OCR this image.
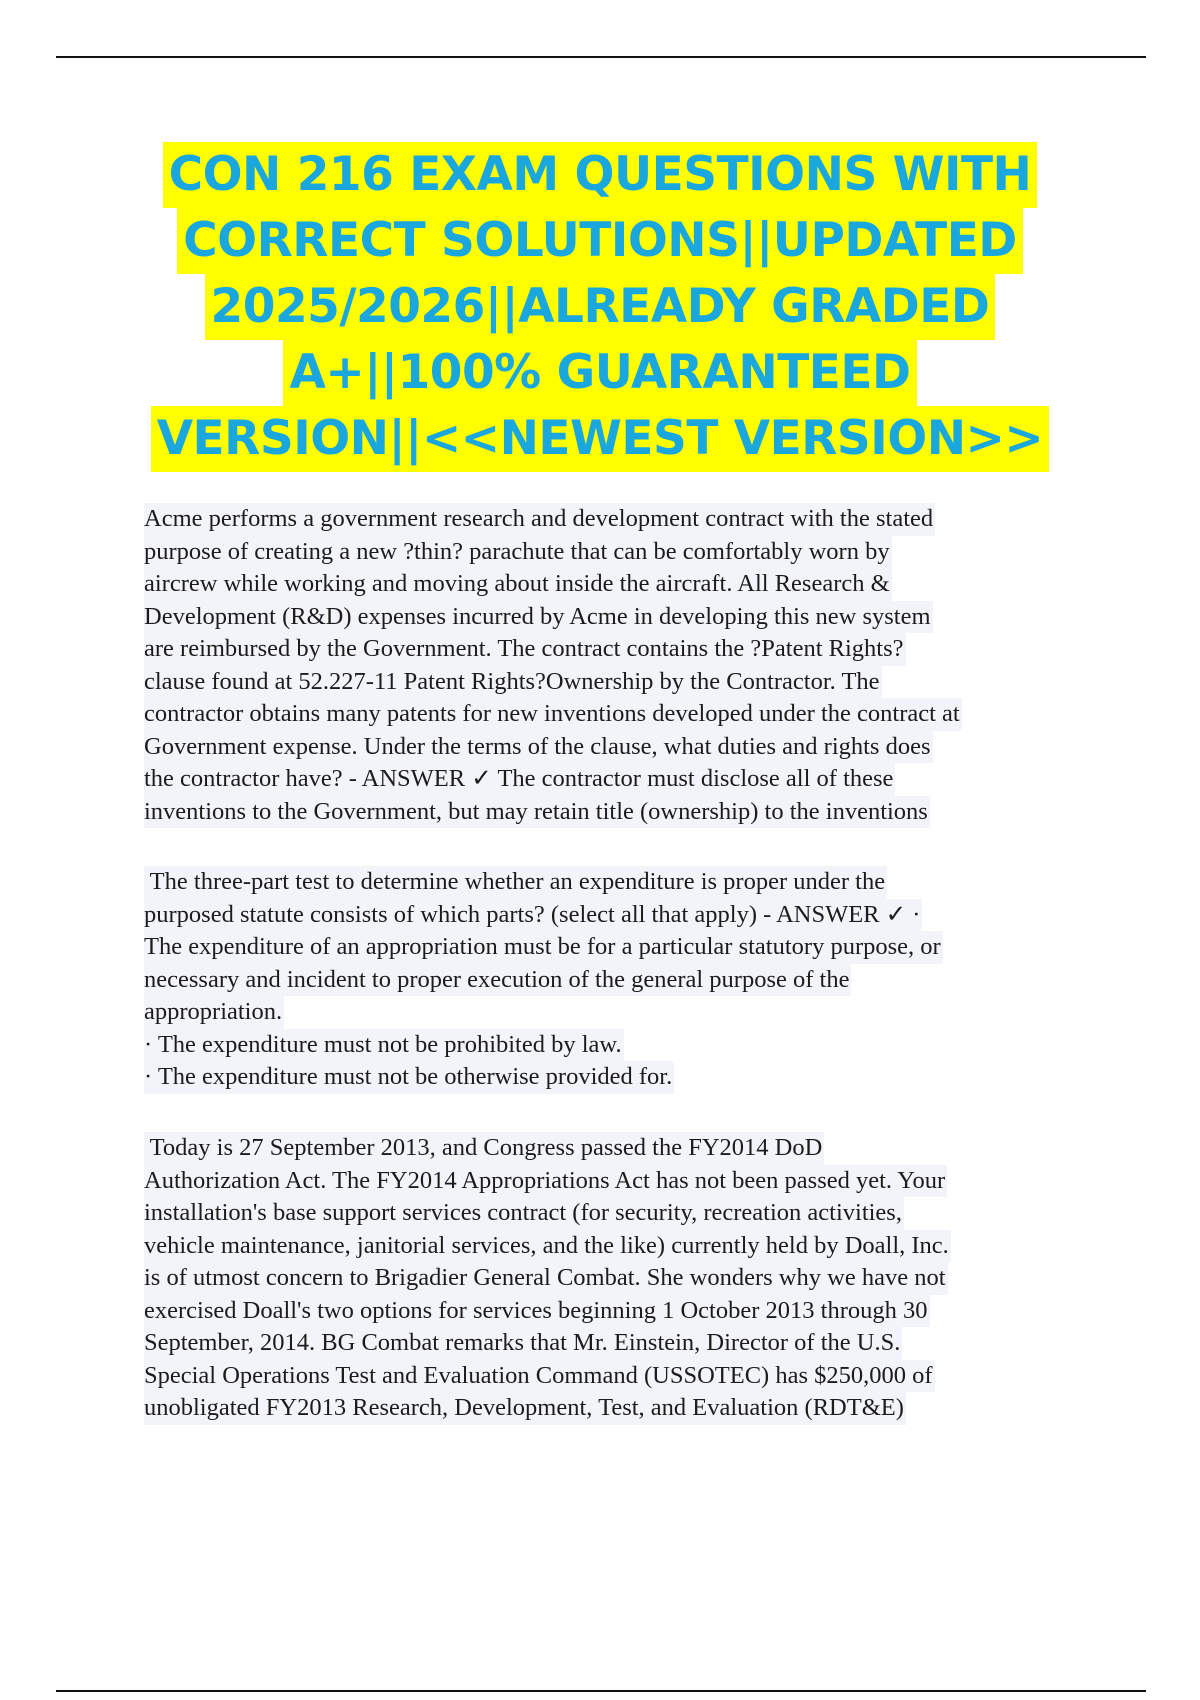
CON 216 EXAM QUESTIONS WITH
CORRECT SOLUTIONS||UPDATED
2025/2026||ALREADY GRADED
A+||100% GUARANTEED
VERSION||<<NEWEST VERSION>>
Acme performs a government research and development contract with the stated
purpose of creating a new ?thin? parachute that can be comfortably worn by
aircrew while working and moving about inside the aircraft. All Research &
Development (R&D) expenses incurred by Acme in developing this new system
are reimbursed by the Government. The contract contains the ?Patent Rights?
clause found at 52.227-11 Patent Rights?Ownership by the Contractor. The
contractor obtains many patents for new inventions developed under the contract at
Government expense. Under the terms of the clause, what duties and rights does
the contractor have? - ANSWER ✓ The contractor must disclose all of these
inventions to the Government, but may retain title (ownership) to the inventions
The three-part test to determine whether an expenditure is proper under the
purposed statute consists of which parts? (select all that apply) - ANSWER ✓ ·
The expenditure of an appropriation must be for a particular statutory purpose, or
necessary and incident to proper execution of the general purpose of the
appropriation.
· The expenditure must not be prohibited by law.
· The expenditure must not be otherwise provided for.
Today is 27 September 2013, and Congress passed the FY2014 DoD
Authorization Act. The FY2014 Appropriations Act has not been passed yet. Your
installation's base support services contract (for security, recreation activities,
vehicle maintenance, janitorial services, and the like) currently held by Doall, Inc.
is of utmost concern to Brigadier General Combat. She wonders why we have not
exercised Doall's two options for services beginning 1 October 2013 through 30
September, 2014. BG Combat remarks that Mr. Einstein, Director of the U.S.
Special Operations Test and Evaluation Command (USSOTEC) has $250,000 of
unobligated FY2013 Research, Development, Test, and Evaluation (RDT&E)
